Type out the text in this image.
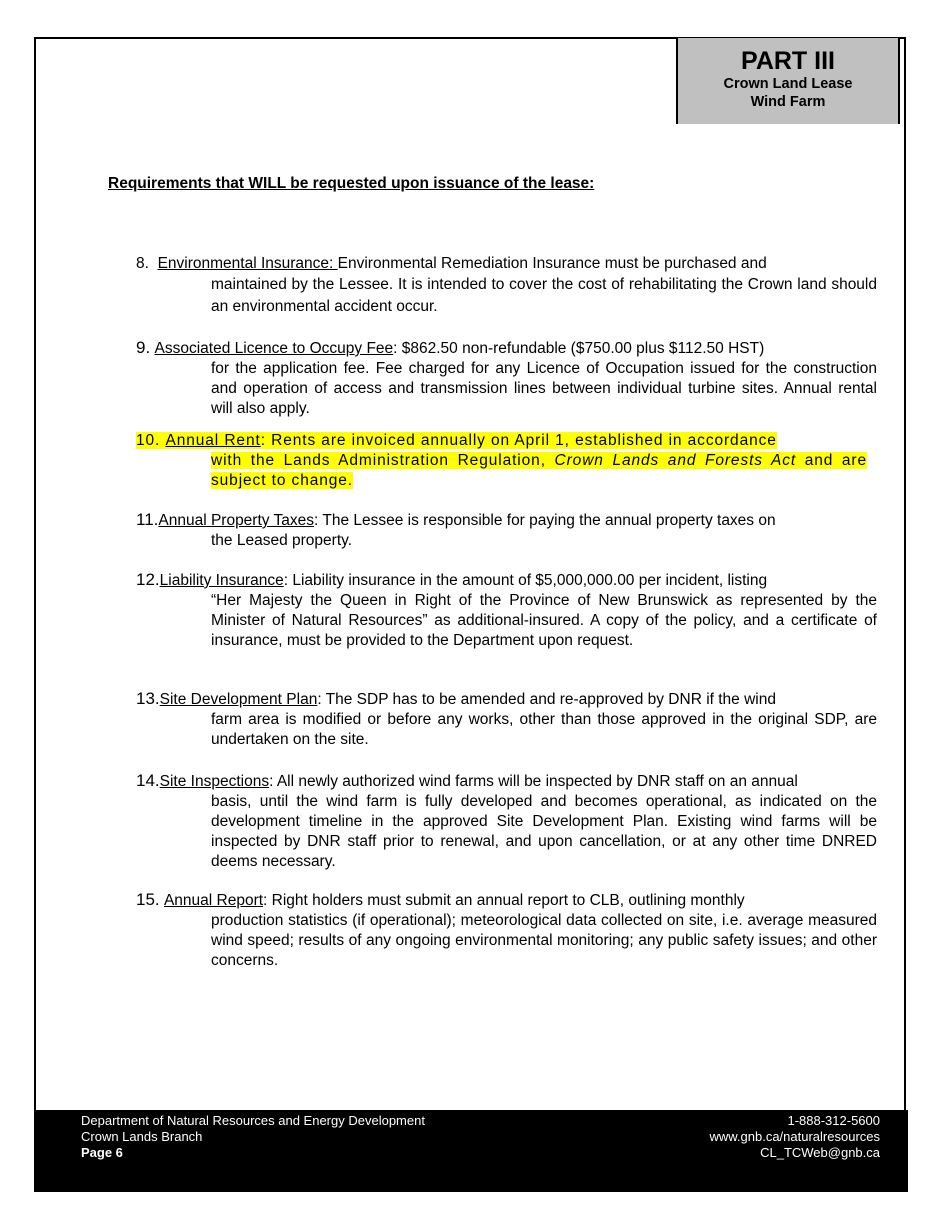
PART III
Crown Land Lease
Wind Farm
Requirements that WILL be requested upon issuance of the lease:
8. Environmental Insurance: Environmental Remediation Insurance must be purchased and
maintained by the Lessee. It is intended to cover the cost of rehabilitating the Crown land should an environmental accident occur.
9. Associated Licence to Occupy Fee: $862.50 non-refundable ($750.00 plus $112.50 HST)
for the application fee. Fee charged for any Licence of Occupation issued for the construction and operation of access and transmission lines between individual turbine sites. Annual rental will also apply.
10. Annual Rent: Rents are invoiced annually on April 1, established in accordance
with the Lands Administration Regulation, Crown Lands and Forests Act and are subject to change.
11.Annual Property Taxes: The Lessee is responsible for paying the annual property taxes on
the Leased property.
12.Liability Insurance: Liability insurance in the amount of $5,000,000.00 per incident, listing
“Her Majesty the Queen in Right of the Province of New Brunswick as represented by the Minister of Natural Resources” as additional-insured. A copy of the policy, and a certificate of insurance, must be provided to the Department upon request.
13.Site Development Plan: The SDP has to be amended and re-approved by DNR if the wind
farm area is modified or before any works, other than those approved in the original SDP, are undertaken on the site.
14.Site Inspections: All newly authorized wind farms will be inspected by DNR staff on an annual
basis, until the wind farm is fully developed and becomes operational, as indicated on the development timeline in the approved Site Development Plan. Existing wind farms will be inspected by DNR staff prior to renewal, and upon cancellation, or at any other time DNRED deems necessary.
15. Annual Report: Right holders must submit an annual report to CLB, outlining monthly
production statistics (if operational); meteorological data collected on site, i.e. average measured wind speed; results of any ongoing environmental monitoring; any public safety issues; and other concerns.
Department of Natural Resources and Energy Development
Crown Lands Branch
Page 6
1-888-312-5600
www.gnb.ca/naturalresources
CL_TCWeb@gnb.ca
